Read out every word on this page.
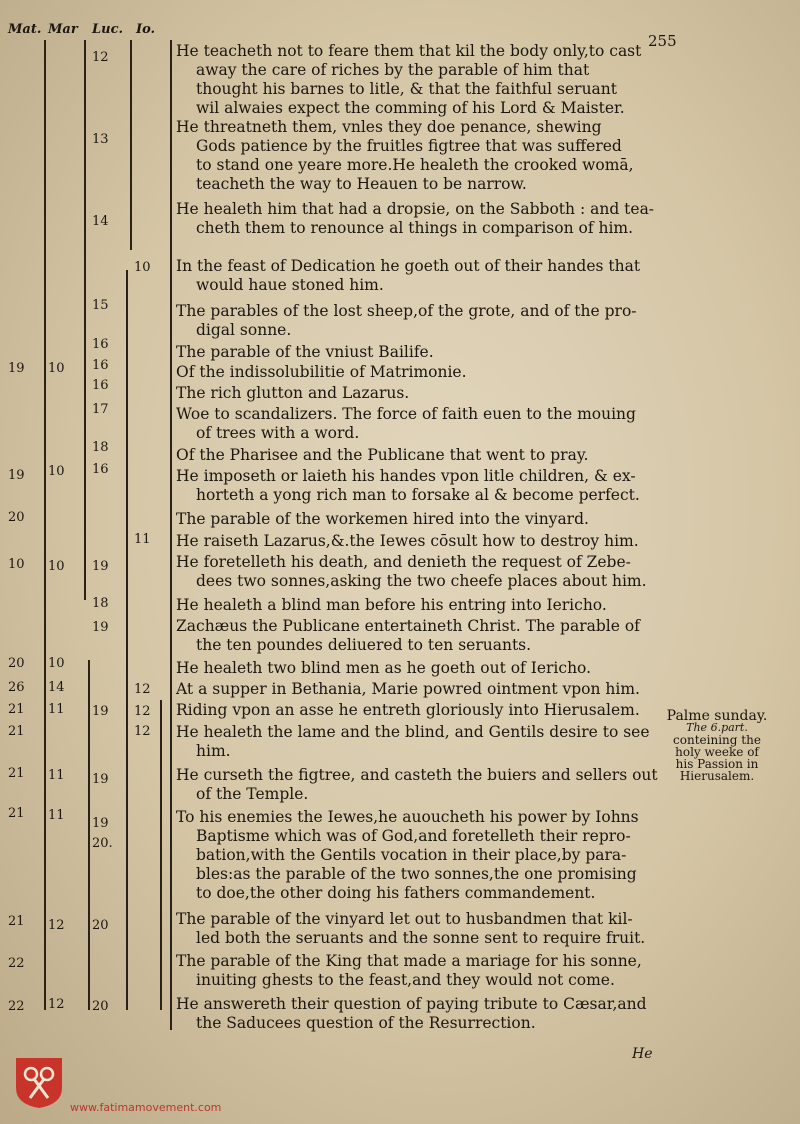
Mat. Mar Luc. Io.
255
He teacheth not to feare them that kil the body only,to cast
away the care of riches by the parable of him that
thought his barnes to litle, & that the faithful seruant
wil alwaies expect the comming of his Lord & Maister.
He threatneth them, vnles they doe penance, shewing
Gods patience by the fruitles figtree that was suffered
to stand one yeare more.He healeth the crooked womā,
teacheth the way to Heauen to be narrow.
He healeth him that had a dropsie, on the Sabboth : and tea-
cheth them to renounce al things in comparison of him.
In the feast of Dedication he goeth out of their handes that
would haue stoned him.
The parables of the lost sheep,of the grote, and of the pro-
digal sonne.
The parable of the vniust Bailife.
Of the indissolubilitie of Matrimonie.
The rich glutton and Lazarus.
Woe to scandalizers. The force of faith euen to the mouing
of trees with a word.
Of the Pharisee and the Publicane that went to pray.
He imposeth or laieth his handes vpon litle children, & ex-
horteth a yong rich man to forsake al & become perfect.
The parable of the workemen hired into the vinyard.
He raiseth Lazarus,&.the Iewes cōsult how to destroy him.
He foretelleth his death, and denieth the request of Zebe-
dees two sonnes,asking the two cheefe places about him.
He healeth a blind man before his entring into Iericho.
Zachæus the Publicane entertaineth Christ. The parable of
the ten poundes deliuered to ten seruants.
He healeth two blind men as he goeth out of Iericho.
At a supper in Bethania, Marie powred ointment vpon him.
Riding vpon an asse he entreth gloriously into Hierusalem.
He healeth the lame and the blind, and Gentils desire to see
him.
He curseth the figtree, and casteth the buiers and sellers out
of the Temple.
To his enemies the Iewes,he auoucheth his power by Iohns
Baptisme which was of God,and foretelleth their repro-
bation,with the Gentils vocation in their place,by para-
bles:as the parable of the two sonnes,the one promising
to doe,the other doing his fathers commandement.
The parable of the vinyard let out to husbandmen that kil-
led both the seruants and the sonne sent to require fruit.
The parable of the King that made a mariage for his sonne,
inuiting ghests to the feast,and they would not come.
He answereth their question of paying tribute to Cæsar,and
the Saducees question of the Resurrection.
12
13
14
10
15
16
19 10 16
16
17
18
19 10 16
20
11
10 10 19
18
19
20 10
26 14	12
21 11 19 12
21	12
21 11 19
21 11
19
20.
21 12 20
22
22 12 20
Palme sunday.
The 6.part.
conteining the
holy weeke of
his Passion in
Hierusalem.
He
www.fatimamovement.com
